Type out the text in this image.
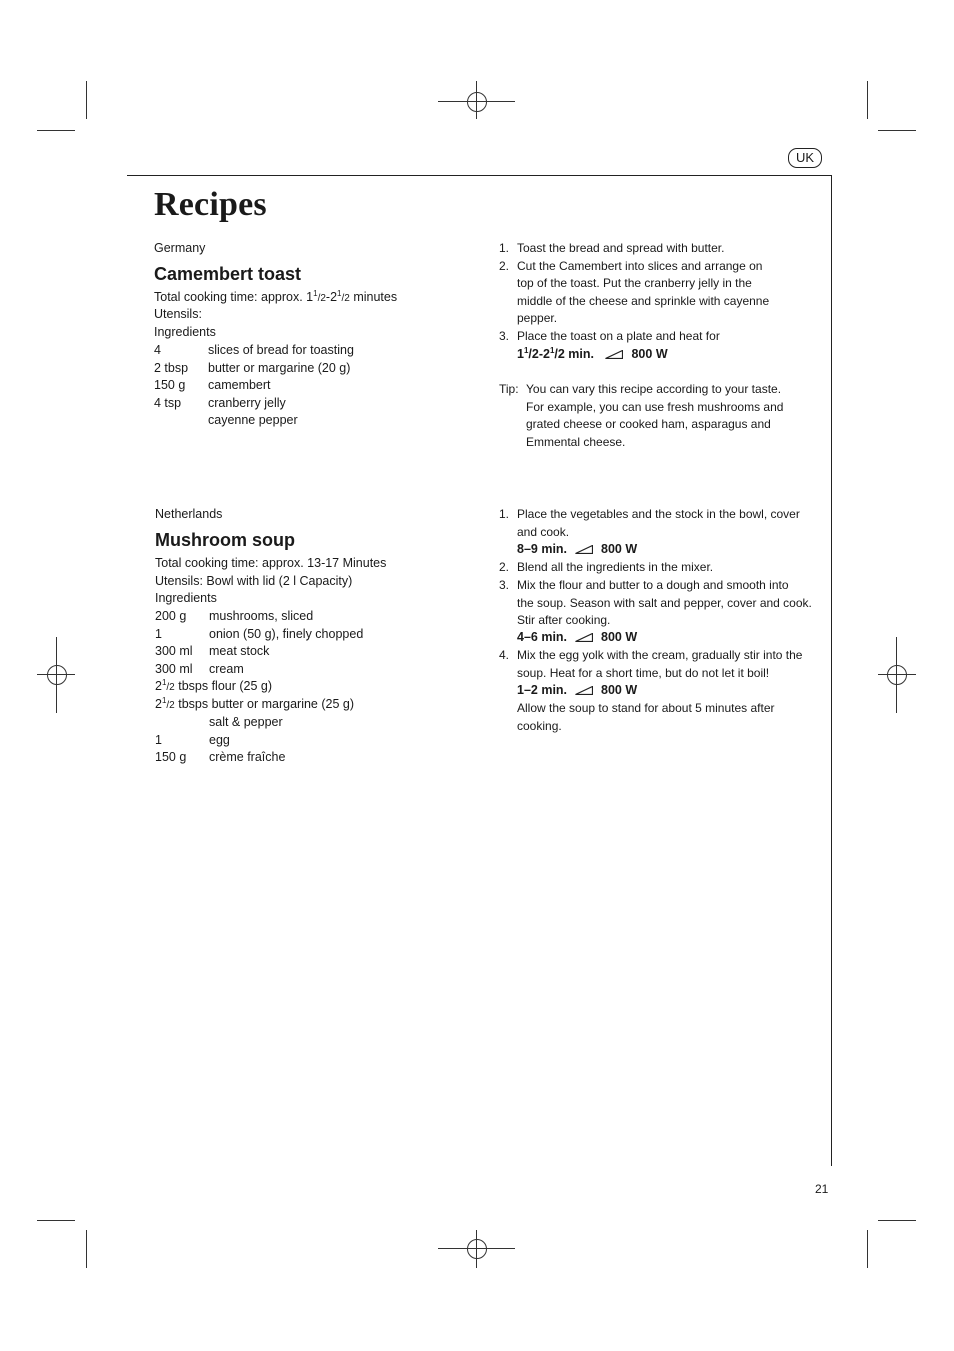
UK
Recipes
Germany
Camembert toast
Total cooking time: approx. $1^1/2-2^1/2$ minutes
Utensils:
Ingredients
4	slices of bread for toasting
2 tbsp butter or margarine (20 g)
150 g camembert
4 tsp cranberry jelly
cayenne pepper
1. Toast the bread and spread with butter.
2. Cut the Camembert into slices and arrange on
top of the toast. Put the cranberry jelly in the
middle of the cheese and sprinkle with cayenne
pepper.
3. Place the toast on a plate and heat for
$1^1/2-2^1/2$ min.	800 W
Tip: You can vary this recipe according to your taste.
For example, you can use fresh mushrooms and
grated cheese or cooked ham, asparagus and
Emmental cheese.
Netherlands
Mushroom soup
Total cooking time: approx. 13-17 Minutes
Utensils: Bowl with lid (2 l Capacity)
Ingredients
200 g mushrooms, sliced
1	onion (50 g), finely chopped
300 ml meat stock
300 ml cream
$2^1/2$ tbsps flour (25 g)
$2^1/2$ tbsps butter or margarine (25 g)
salt & pepper
1	egg
150 g crème fraîche
1. Place the vegetables and the stock in the bowl, cover
and cook.
8–9 min.	800 W
2. Blend all the ingredients in the mixer.
3. Mix the flour and butter to a dough and smooth into
the soup. Season with salt and pepper, cover and cook.
Stir after cooking.
4–6 min.	800 W
4. Mix the egg yolk with the cream, gradually stir into the
soup. Heat for a short time, but do not let it boil!
1–2 min.	800 W
Allow the soup to stand for about 5 minutes after
cooking.
21
